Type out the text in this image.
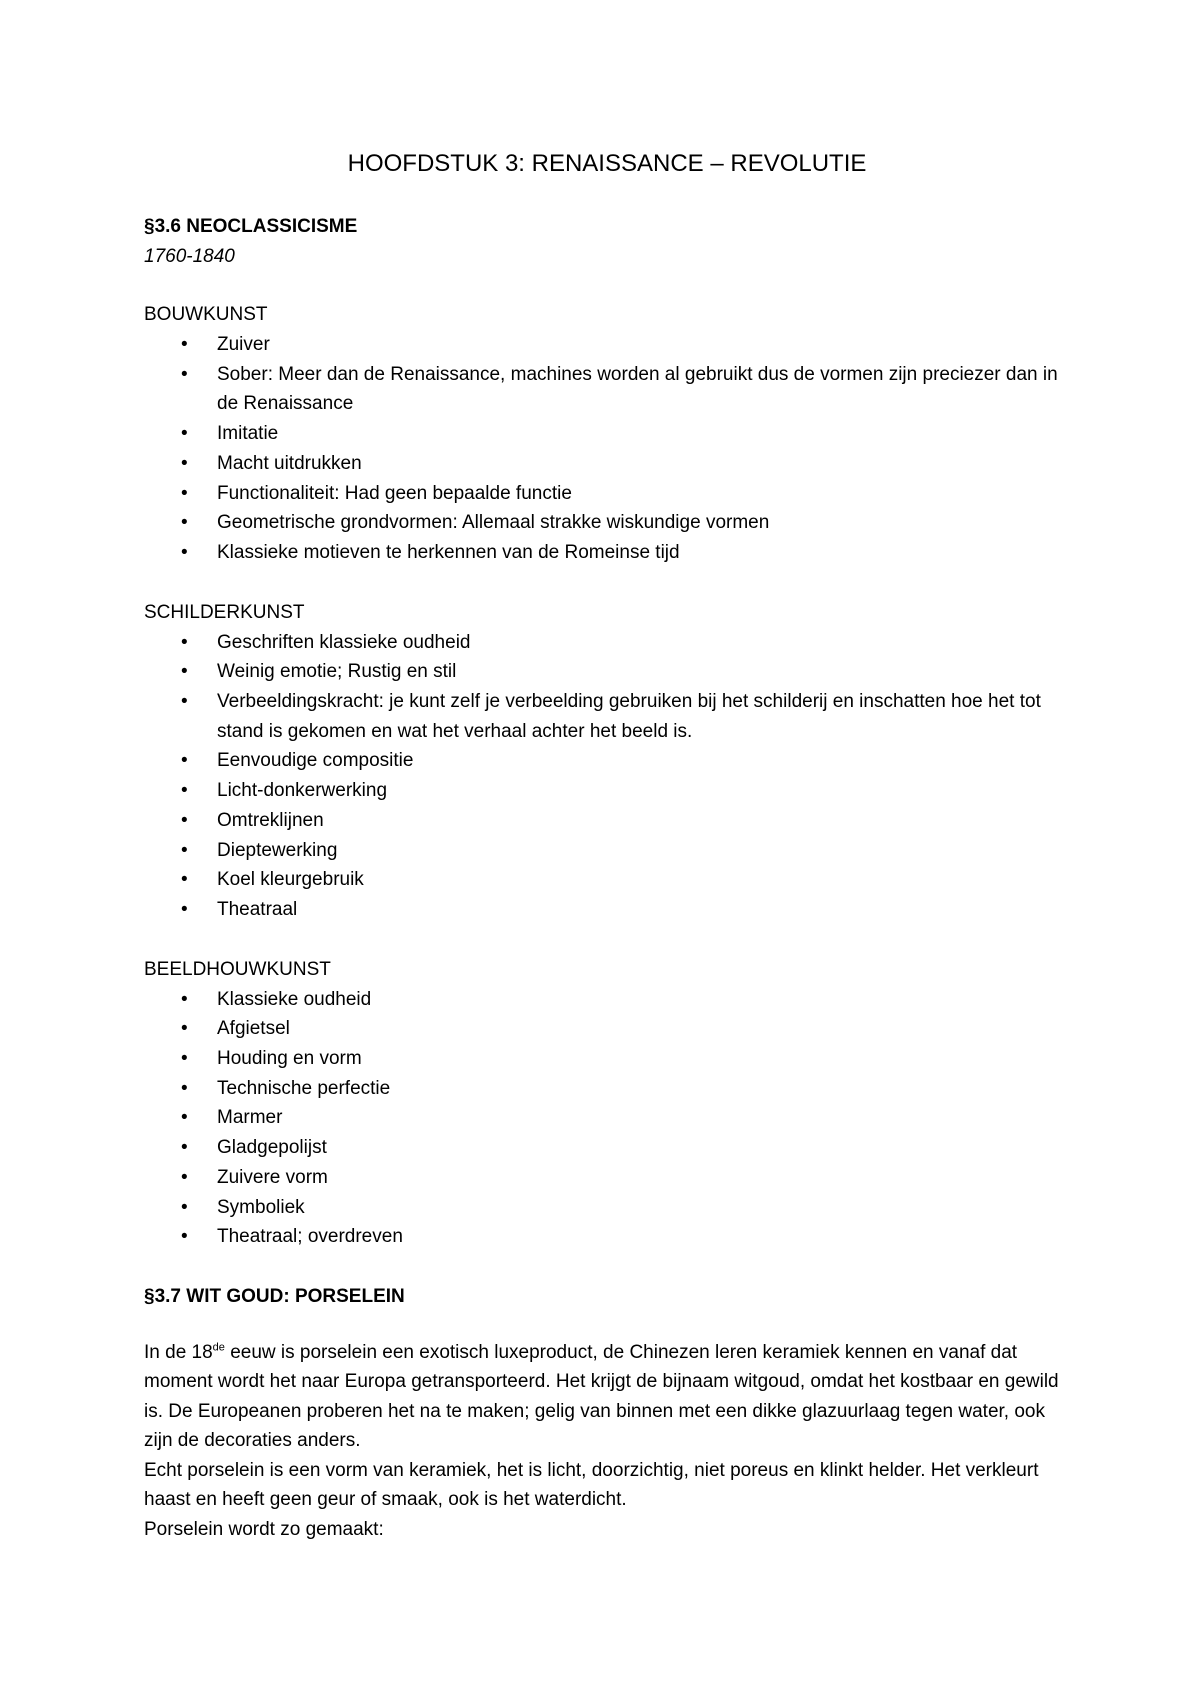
HOOFDSTUK 3: RENAISSANCE – REVOLUTIE
§3.6 NEOCLASSICISME
1760-1840
BOUWKUNST
• Zuiver
• Sober: Meer dan de Renaissance, machines worden al gebruikt dus de vormen zijn preciezer dan in de Renaissance
• Imitatie
• Macht uitdrukken
• Functionaliteit: Had geen bepaalde functie
• Geometrische grondvormen: Allemaal strakke wiskundige vormen
• Klassieke motieven te herkennen van de Romeinse tijd
SCHILDERKUNST
• Geschriften klassieke oudheid
• Weinig emotie; Rustig en stil
• Verbeeldingskracht: je kunt zelf je verbeelding gebruiken bij het schilderij en inschatten hoe het tot stand is gekomen en wat het verhaal achter het beeld is.
• Eenvoudige compositie
• Licht-donkerwerking
• Omtreklijnen
• Dieptewerking
• Koel kleurgebruik
• Theatraal
BEELDHOUWKUNST
• Klassieke oudheid
• Afgietsel
• Houding en vorm
• Technische perfectie
• Marmer
• Gladgepolijst
• Zuivere vorm
• Symboliek
• Theatraal; overdreven
§3.7 WIT GOUD: PORSELEIN

In de 18de eeuw is porselein een exotisch luxeproduct, de Chinezen leren keramiek kennen en vanaf dat moment wordt het naar Europa getransporteerd. Het krijgt de bijnaam witgoud, omdat het kostbaar en gewild is. De Europeanen proberen het na te maken; gelig van binnen met een dikke glazuurlaag tegen water, ook zijn de decoraties anders.

Echt porselein is een vorm van keramiek, het is licht, doorzichtig, niet poreus en klinkt helder. Het verkleurt haast en heeft geen geur of smaak, ook is het waterdicht.

Porselein wordt zo gemaakt:
